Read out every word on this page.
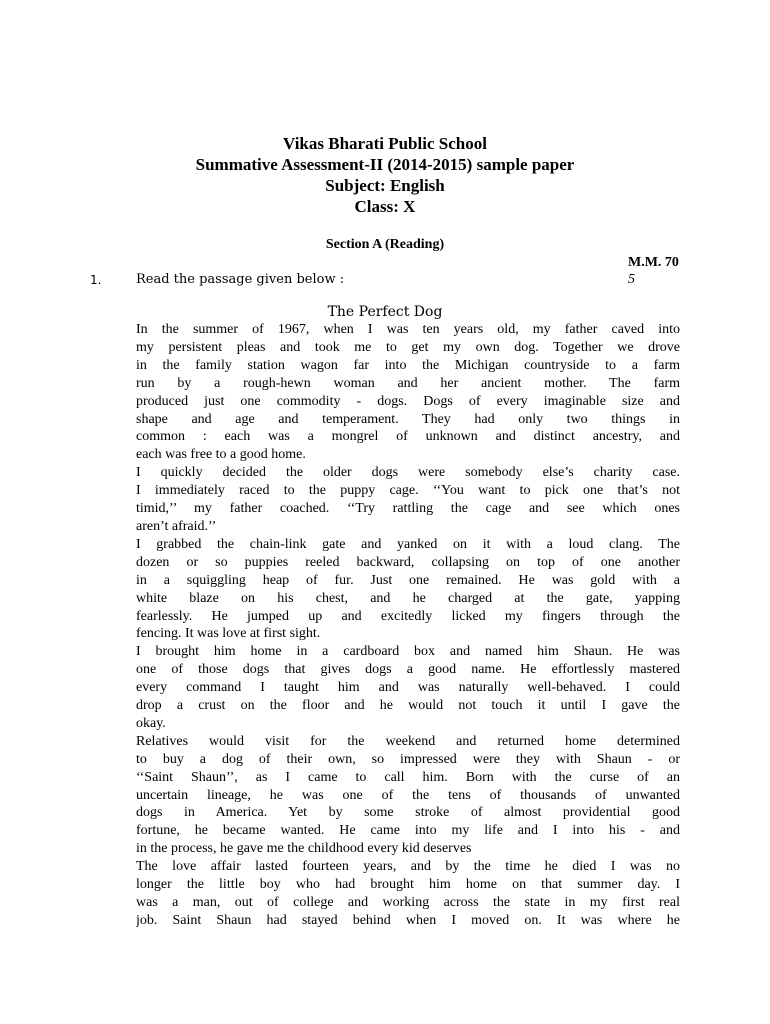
Vikas Bharati Public School
Summative Assessment-II (2014-2015) sample paper
Subject: English
Class: X
Section A (Reading)
M.M. 70
1.	Read the passage given below :	5
The Perfect Dog
In the summer of 1967, when I was ten years old, my father caved into
my persistent pleas and took me to get my own dog. Together we drove
in the family station wagon far into the Michigan countryside to a farm
run by a rough-hewn woman and her ancient mother. The farm
produced just one commodity - dogs. Dogs of every imaginable size and
shape and age and temperament. They had only two things in
common : each was a mongrel of unknown and distinct ancestry, and
each was free to a good home.
I quickly decided the older dogs were somebody else’s charity case.
I immediately raced to the puppy cage. ‘‘You want to pick one that’s not
timid,’’ my father coached. ‘‘Try rattling the cage and see which ones
aren’t afraid.’’
I grabbed the chain-link gate and yanked on it with a loud clang. The
dozen or so puppies reeled backward, collapsing on top of one another
in a squiggling heap of fur. Just one remained. He was gold with a
white blaze on his chest, and he charged at the gate, yapping
fearlessly. He jumped up and excitedly licked my fingers through the
fencing. It was love at first sight.
I brought him home in a cardboard box and named him Shaun. He was
one of those dogs that gives dogs a good name. He effortlessly mastered
every command I taught him and was naturally well-behaved. I could
drop a crust on the floor and he would not touch it until I gave the
okay.
Relatives would visit for the weekend and returned home determined
to buy a dog of their own, so impressed were they with Shaun - or
‘‘Saint Shaun’’, as I came to call him. Born with the curse of an
uncertain lineage, he was one of the tens of thousands of unwanted
dogs in America. Yet by some stroke of almost providential good
fortune, he became wanted. He came into my life and I into his - and
in the process, he gave me the childhood every kid deserves
The love affair lasted fourteen years, and by the time he died I was no
longer the little boy who had brought him home on that summer day. I
was a man, out of college and working across the state in my first real
job. Saint Shaun had stayed behind when I moved on. It was where he
